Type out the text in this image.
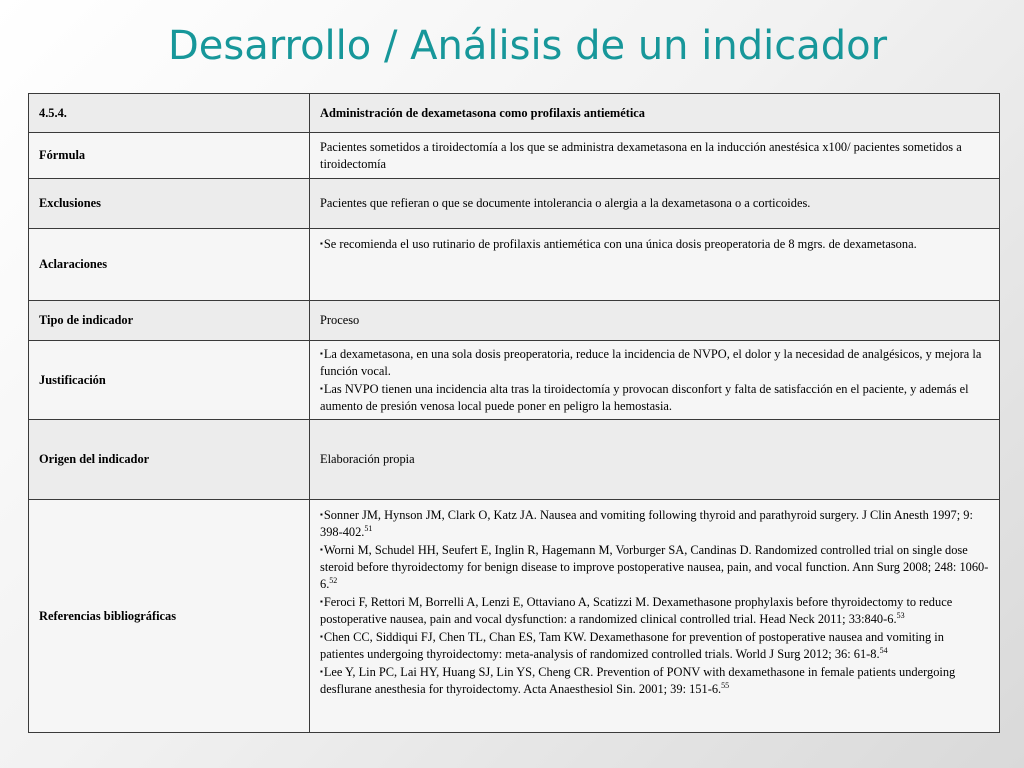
Desarrollo / Análisis de un indicador
4.5.4.	Administración de dexametasona como profilaxis antiemética
Fórmula	Pacientes sometidos a tiroidectomía a los que se administra dexametasona en la inducción anestésica x100/ pacientes sometidos a tiroidectomía
Exclusiones	Pacientes que refieran o que se documente intolerancia o alergia a la dexametasona o a corticoides.
Aclaraciones	▪Se recomienda el uso rutinario de profilaxis antiemética con una única dosis preoperatoria de 8 mgrs. de dexametasona.

Tipo de indicador	Proceso
Justificación	▪La dexametasona, en una sola dosis preoperatoria, reduce la incidencia de NVPO, el dolor y la necesidad de analgésicos, y mejora la función vocal.

▪Las NVPO tienen una incidencia alta tras la tiroidectomía y provocan disconfort y falta de satisfacción en el paciente, y además el aumento de presión venosa local puede poner en peligro la hemostasia.

Origen del indicador	Elaboración propia
Referencias bibliográficas	▪Sonner JM, Hynson JM, Clark O, Katz JA. Nausea and vomiting following thyroid and parathyroid surgery. J Clin Anesth 1997; 9: 398-402.51

▪Worni M, Schudel HH, Seufert E, Inglin R, Hagemann M, Vorburger SA, Candinas D. Randomized controlled trial on single dose steroid before thyroidectomy for benign disease to improve postoperative nausea, pain, and vocal function. Ann Surg 2008; 248: 1060-6.52

▪Feroci F, Rettori M, Borrelli A, Lenzi E, Ottaviano A, Scatizzi M. Dexamethasone prophylaxis before thyroidectomy to reduce postoperative nausea, pain and vocal dysfunction: a randomized clinical controlled trial. Head Neck 2011; 33:840-6.53

▪Chen CC, Siddiqui FJ, Chen TL, Chan ES, Tam KW. Dexamethasone for prevention of postoperative nausea and vomiting in patientes undergoing thyroidectomy: meta-analysis of randomized controlled trials. World J Surg 2012; 36: 61-8.54

▪Lee Y, Lin PC, Lai HY, Huang SJ, Lin YS, Cheng CR. Prevention of PONV with dexamethasone in female patients undergoing desflurane anesthesia for thyroidectomy. Acta Anaesthesiol Sin. 2001; 39: 151-6.55
